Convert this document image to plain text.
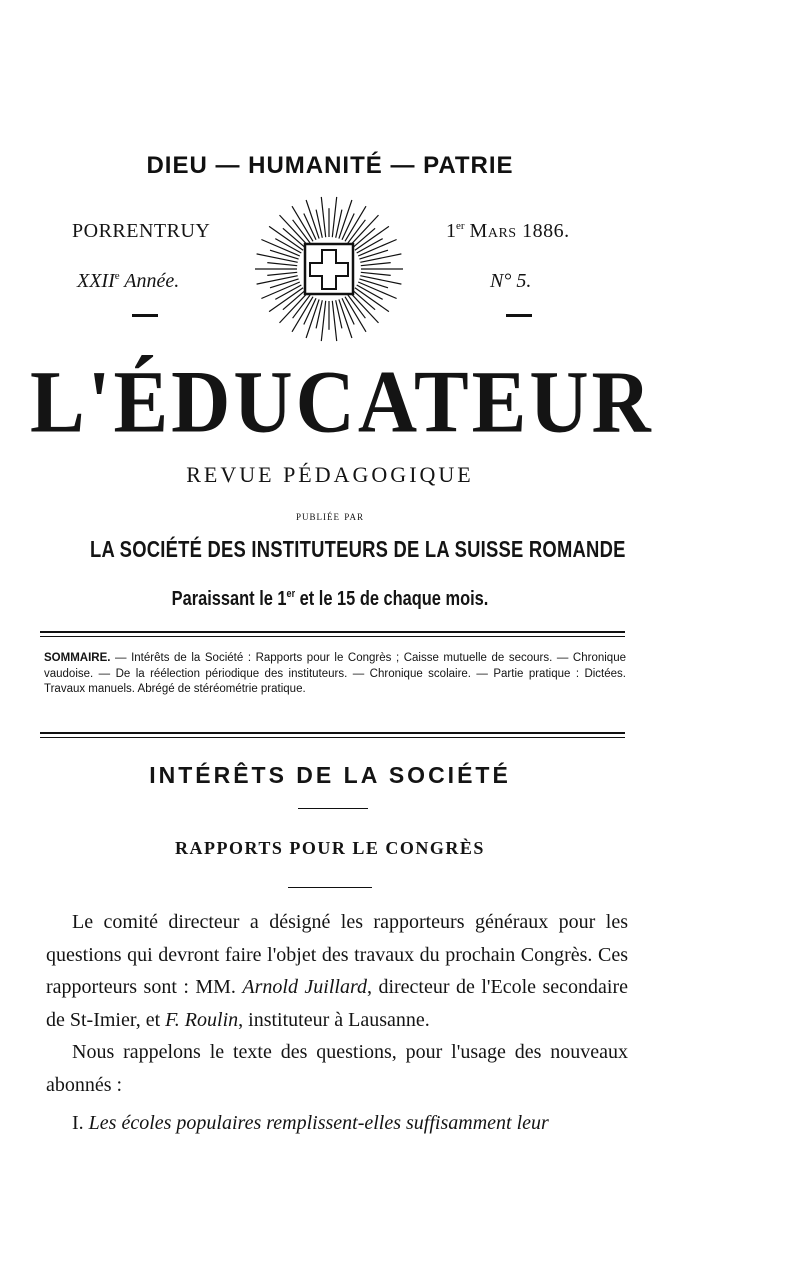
DIEU — HUMANITÉ — PATRIE
PORRENTRUY	1er Mars 1886.
XXIIe Année.	N° 5.
L'ÉDUCATEUR
REVUE PÉDAGOGIQUE
publiée par
LA SOCIÉTÉ DES INSTITUTEURS DE LA SUISSE ROMANDE
Paraissant le 1er et le 15 de chaque mois.
SOMMAIRE. — Intérêts de la Société : Rapports pour le Congrès ; Caisse mutuelle de secours. — Chronique vaudoise. — De la réélection périodique des instituteurs. — Chronique scolaire. — Partie pratique : Dictées. Travaux manuels. Abrégé de stéréométrie pratique.
INTÉRÊTS DE LA SOCIÉTÉ
RAPPORTS POUR LE CONGRÈS

Le comité directeur a désigné les rapporteurs généraux pour les questions qui devront faire l'objet des travaux du prochain Congrès. Ces rapporteurs sont : MM. Arnold Juillard, directeur de l'Ecole secondaire de St-Imier, et F. Roulin, instituteur à Lausanne.

Nous rappelons le texte des questions, pour l'usage des nouveaux abonnés :

I. Les écoles populaires remplissent-elles suffisamment leur
